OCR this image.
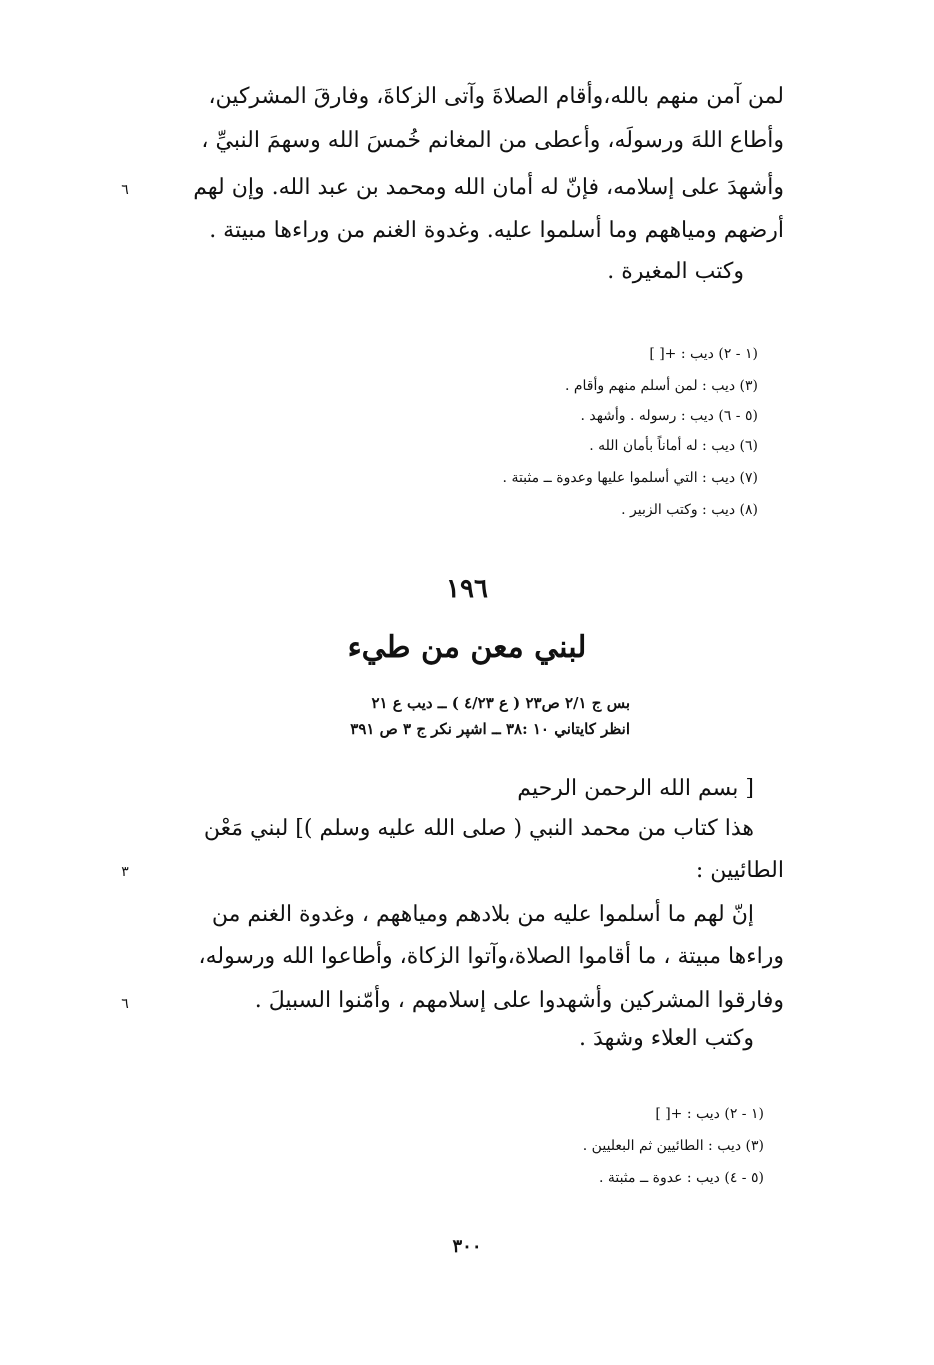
لمن آمن منهم بالله،وأقام الصلاةَ وآتى الزكاةَ، وفارقَ المشركين،
وأطاع اللهَ ورسولَه، وأعطى من المغانم خُمسَ الله وسهمَ النبيِّ ،
وأشهدَ على إسلامه، فإنّ له أمان الله ومحمد بن عبد الله. وإن لهم
٦
أرضهم ومياههم وما أسلموا عليه. وغدوة الغنم من وراءها مبيتة .
وكتب المغيرة .
(١ - ٢) ديب : +[ ]
(٣) ديب : لمن أسلم منهم وأقام .
(٥ - ٦) ديب : رسوله . وأشهد .
(٦) ديب : له أماناً بأمان الله .
(٧) ديب : التي أسلموا عليها وعدوة ــ مثبتة .
(٨) ديب : وكتب الزبير .
١٩٦
لبني معن من طيء
بس ج ٢/١ ص٢٣ ( ع ٤/٢٣ ) ــ ديب ع ٢١
انظر كايتاني ١٠ :٣٨ ــ اشپر نكر ج ٣ ص ٣٩١
[ بسم الله الرحمن الرحيم
هذا كتاب من محمد النبي ( صلى الله عليه وسلم )] لبني مَعْن
الطائيين :
٣
إنّ لهم ما أسلموا عليه من بلادهم ومياههم ، وغدوة الغنم من
وراءها مبيتة ، ما أقاموا الصلاة،وآتوا الزكاة، وأطاعوا الله ورسوله،
وفارقوا المشركين وأشهدوا على إسلامهم ، وأمّنوا السبيلَ .
٦
وكتب العلاء وشهدَ .
(١ - ٢) ديب : +[ ]
(٣) ديب : الطائيين ثم البعليين .
(٥ - ٤) ديب : عدوة ــ مثبتة .
٣٠٠
